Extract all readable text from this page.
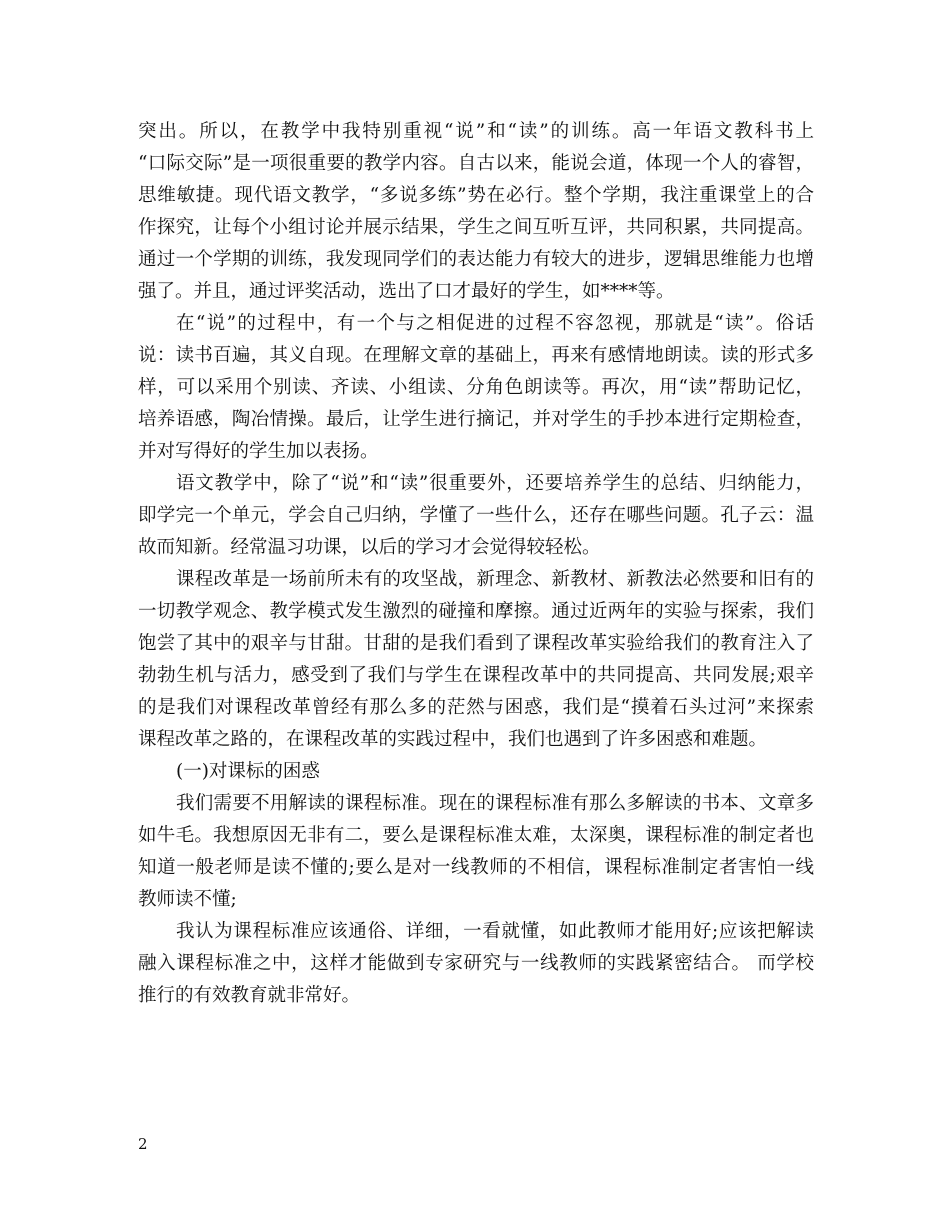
突出。所以，在教学中我特别重视“说”和“读”的训练。高一年语文教科书上
“口际交际”是一项很重要的教学内容。自古以来，能说会道，体现一个人的睿智，
思维敏捷。现代语文教学，“多说多练”势在必行。整个学期，我注重课堂上的合
作探究，让每个小组讨论并展示结果，学生之间互听互评，共同积累，共同提高。
通过一个学期的训练，我发现同学们的表达能力有较大的进步，逻辑思维能力也增
强了。并且，通过评奖活动，选出了口才最好的学生，如****等。
在“说”的过程中，有一个与之相促进的过程不容忽视，那就是“读”。俗话
说：读书百遍，其义自现。在理解文章的基础上，再来有感情地朗读。读的形式多
样，可以采用个别读、齐读、小组读、分角色朗读等。再次，用“读”帮助记忆，
培养语感，陶冶情操。最后，让学生进行摘记，并对学生的手抄本进行定期检查，
并对写得好的学生加以表扬。
语文教学中，除了“说”和“读”很重要外，还要培养学生的总结、归纳能力，
即学完一个单元，学会自己归纳，学懂了一些什么，还存在哪些问题。孔子云：温
故而知新。经常温习功课，以后的学习才会觉得较轻松。
课程改革是一场前所未有的攻坚战，新理念、新教材、新教法必然要和旧有的
一切教学观念、教学模式发生激烈的碰撞和摩擦。通过近两年的实验与探索，我们
饱尝了其中的艰辛与甘甜。甘甜的是我们看到了课程改革实验给我们的教育注入了
勃勃生机与活力，感受到了我们与学生在课程改革中的共同提高、共同发展;艰辛
的是我们对课程改革曾经有那么多的茫然与困惑，我们是“摸着石头过河”来探索
课程改革之路的，在课程改革的实践过程中，我们也遇到了许多困惑和难题。
(一)对课标的困惑
我们需要不用解读的课程标准。现在的课程标准有那么多解读的书本、文章多
如牛毛。我想原因无非有二，要么是课程标准太难，太深奥，课程标准的制定者也
知道一般老师是读不懂的;要么是对一线教师的不相信，课程标准制定者害怕一线
教师读不懂;
我认为课程标准应该通俗、详细，一看就懂，如此教师才能用好;应该把解读
融入课程标准之中，这样才能做到专家研究与一线教师的实践紧密结合。 而学校
推行的有效教育就非常好。
2
